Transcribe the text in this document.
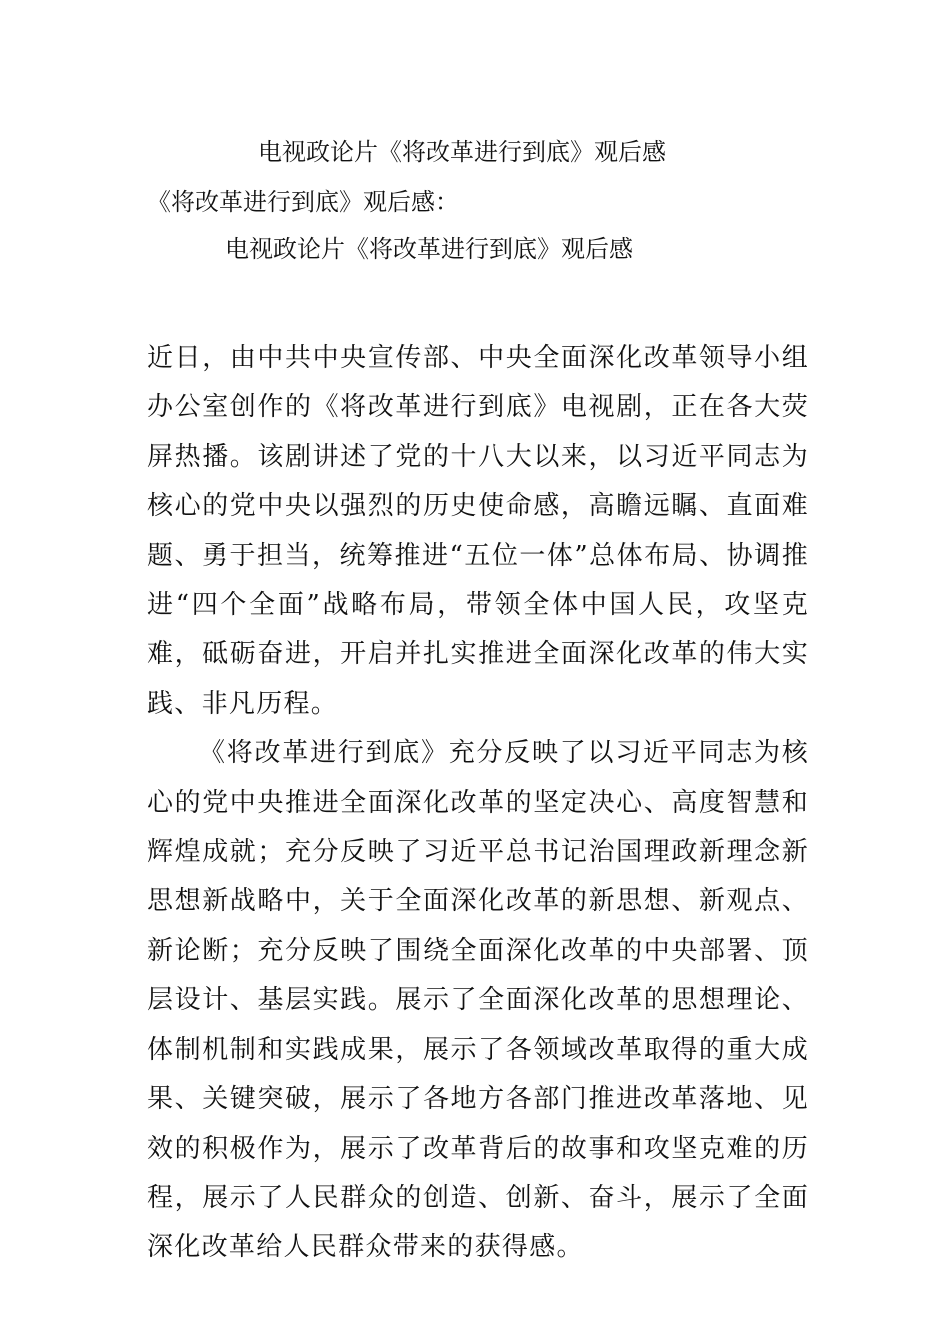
电视政论片《将改革进行到底》观后感
《将改革进行到底》观后感：
电视政论片《将改革进行到底》观后感

近日，由中共中央宣传部、中央全面深化改革领导小组办公室创作的《将改革进行到底》电视剧，正在各大荧屏热播。该剧讲述了党的十八大以来，以习近平同志为核心的党中央以强烈的历史使命感，高瞻远瞩、直面难题、勇于担当，统筹推进“五位一体”总体布局、协调推进“四个全面”战略布局，带领全体中国人民，攻坚克难，砥砺奋进，开启并扎实推进全面深化改革的伟大实践、非凡历程。

《将改革进行到底》充分反映了以习近平同志为核心的党中央推进全面深化改革的坚定决心、高度智慧和辉煌成就；充分反映了习近平总书记治国理政新理念新思想新战略中，关于全面深化改革的新思想、新观点、新论断；充分反映了围绕全面深化改革的中央部署、顶层设计、基层实践。展示了全面深化改革的思想理论、体制机制和实践成果，展示了各领域改革取得的重大成果、关键突破，展示了各地方各部门推进改革落地、见效的积极作为，展示了改革背后的故事和攻坚克难的历程，展示了人民群众的创造、创新、奋斗，展示了全面深化改革给人民群众带来的获得感。
